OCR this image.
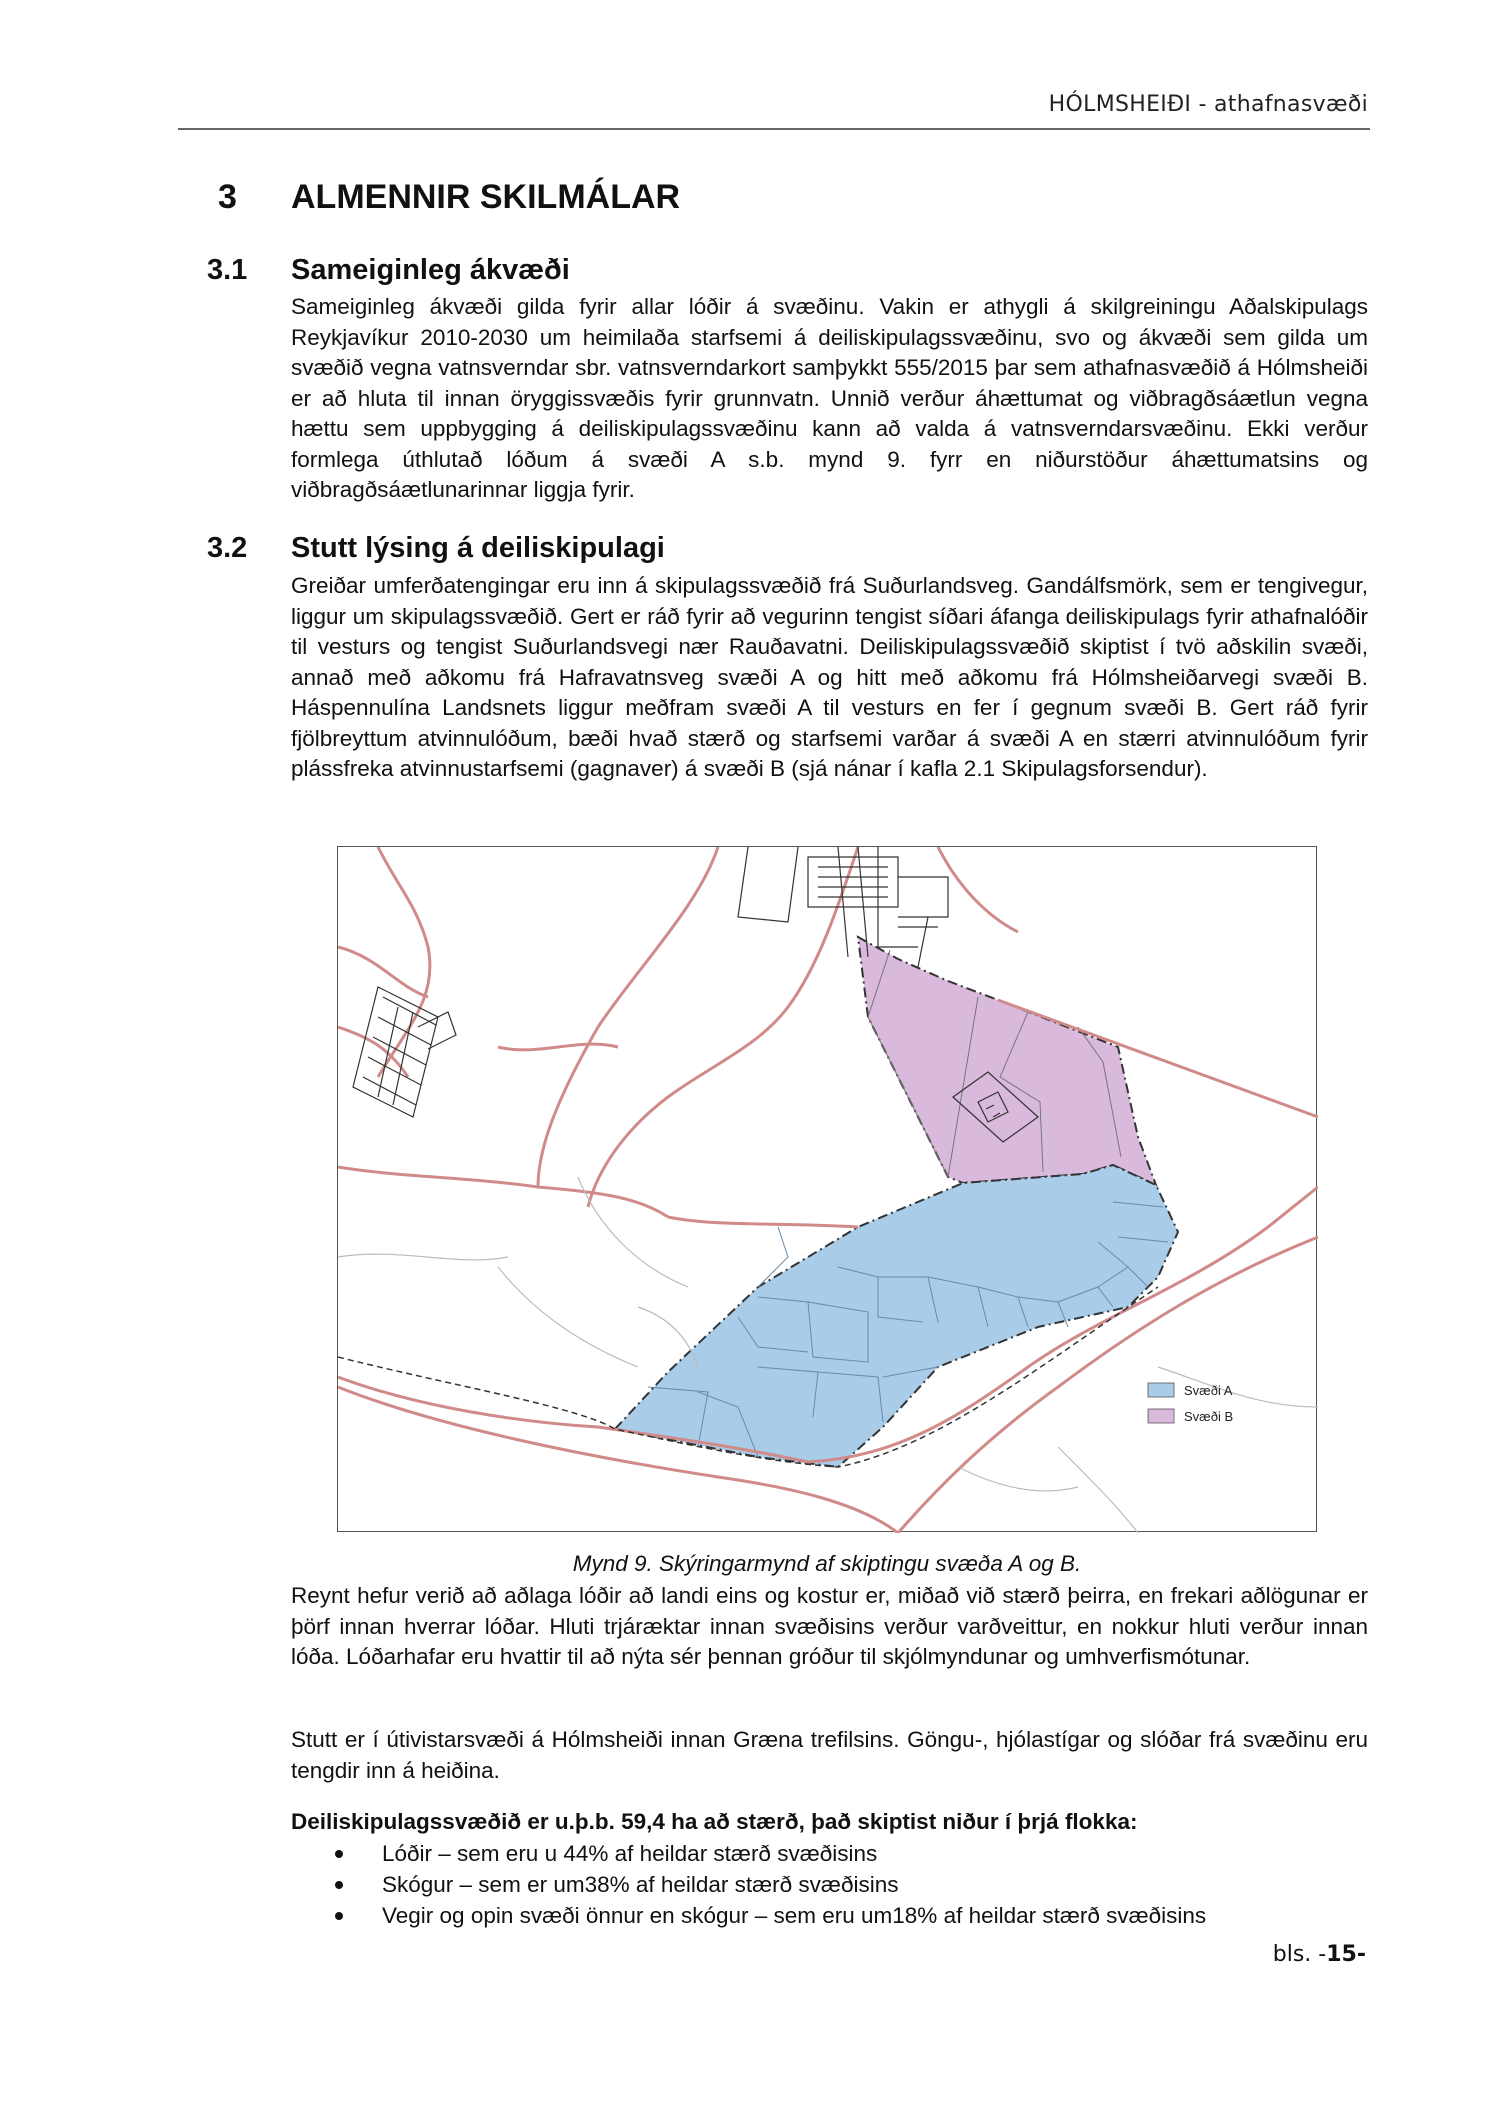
HÓLMSHEIÐI - athafnasvæði
3 ALMENNIR SKILMÁLAR
3.1 Sameiginleg ákvæði

Sameiginleg ákvæði gilda fyrir allar lóðir á svæðinu. Vakin er athygli á skilgreiningu Aðalskipulags Reykjavíkur 2010-2030 um heimilaða starfsemi á deiliskipulagssvæðinu, svo og ákvæði sem gilda um svæðið vegna vatnsverndar sbr. vatnsverndarkort samþykkt 555/2015 þar sem athafnasvæðið á Hólmsheiði er að hluta til innan öryggissvæðis fyrir grunnvatn. Unnið verður áhættumat og viðbragðsáætlun vegna hættu sem uppbygging á deiliskipulagssvæðinu kann að valda á vatnsverndarsvæðinu. Ekki verður formlega úthlutað lóðum á svæði A s.b. mynd 9. fyrr en niðurstöður áhættumatsins og viðbragðsáætlunarinnar liggja fyrir.

3.2 Stutt lýsing á deiliskipulagi

Greiðar umferðatengingar eru inn á skipulagssvæðið frá Suðurlandsveg. Gandálfsmörk, sem er tengivegur, liggur um skipulagssvæðið. Gert er ráð fyrir að vegurinn tengist síðari áfanga deiliskipulags fyrir athafnalóðir til vesturs og tengist Suðurlandsvegi nær Rauðavatni. Deiliskipulagssvæðið skiptist í tvö aðskilin svæði, annað með aðkomu frá Hafravatnsveg svæði A og hitt með aðkomu frá Hólmsheiðarvegi svæði B. Háspennulína Landsnets liggur meðfram svæði A til vesturs en fer í gegnum svæði B. Gert ráð fyrir fjölbreyttum atvinnulóðum, bæði hvað stærð og starfsemi varðar á svæði A en stærri atvinnulóðum fyrir plássfreka atvinnustarfsemi (gagnaver) á svæði B (sjá nánar í kafla 2.1 Skipulagsforsendur).

Svæði A
Svæði B
Mynd 9. Skýringarmynd af skiptingu svæða A og B.

Reynt hefur verið að aðlaga lóðir að landi eins og kostur er, miðað við stærð þeirra, en frekari aðlögunar er þörf innan hverrar lóðar. Hluti trjáræktar innan svæðisins verður varðveittur, en nokkur hluti verður innan lóða. Lóðarhafar eru hvattir til að nýta sér þennan gróður til skjólmyndunar og umhverfismótunar.

Stutt er í útivistarsvæði á Hólmsheiði innan Græna trefilsins. Göngu-, hjólastígar og slóðar frá svæðinu eru tengdir inn á heiðina.

Deiliskipulagssvæðið er u.þ.b. 59,4 ha að stærð, það skiptist niður í þrjá flokka:
Lóðir – sem eru u 44% af heildar stærð svæðisins
Skógur – sem er um38% af heildar stærð svæðisins
Vegir og opin svæði önnur en skógur – sem eru um18% af heildar stærð svæðisins
bls. -15-
